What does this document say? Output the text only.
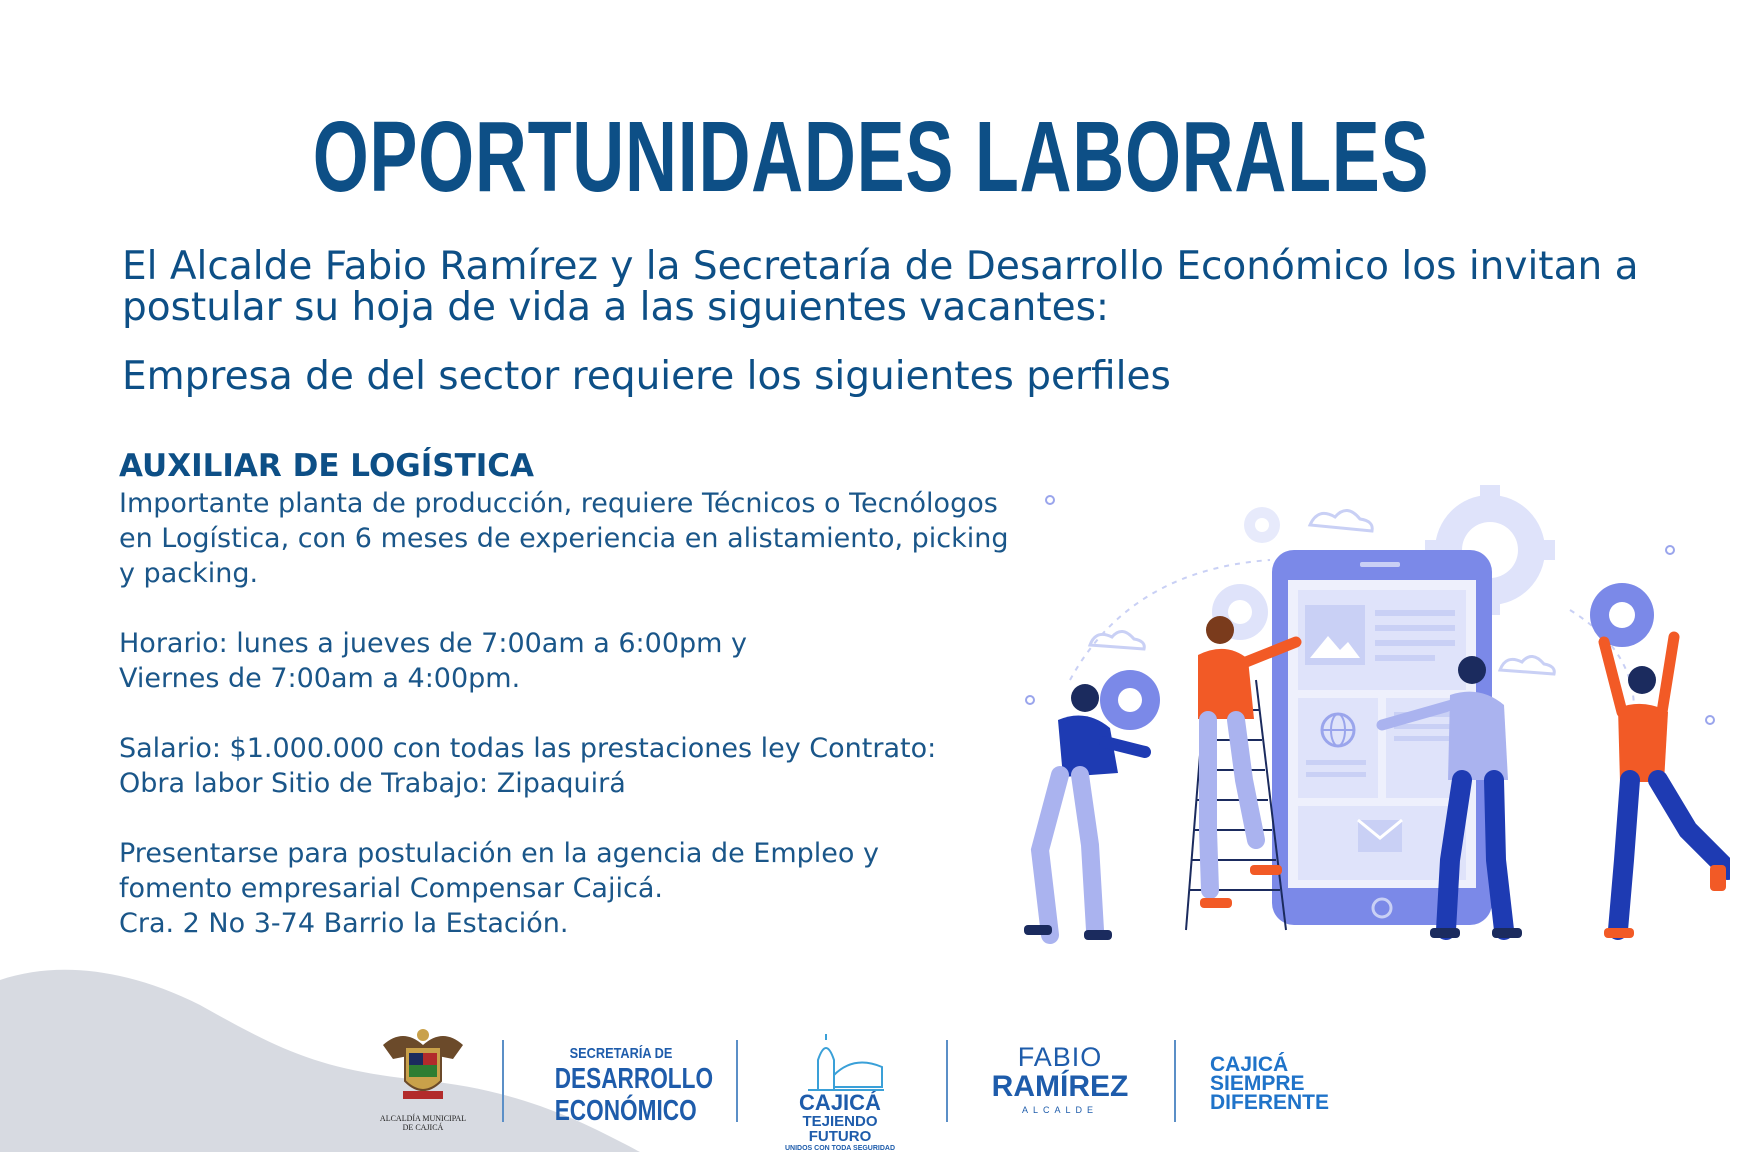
OPORTUNIDADES LABORALES
El Alcalde Fabio Ramírez y la Secretaría de Desarrollo Económico los invitan a
postular su hoja de vida a las siguientes vacantes:
Empresa de del sector requiere los siguientes perfiles
AUXILIAR DE LOGÍSTICA
Importante planta de producción, requiere Técnicos o Tecnólogos
en Logística, con 6 meses de experiencia en alistamiento, picking
y packing.
Horario: lunes a jueves de 7:00am a 6:00pm y
Viernes de 7:00am a 4:00pm.
Salario: $1.000.000 con todas las prestaciones ley Contrato:
Obra labor Sitio de Trabajo: Zipaquirá
Presentarse para postulación en la agencia de Empleo y
fomento empresarial Compensar Cajicá.
Cra. 2 No 3-74 Barrio la Estación.
ALCALDÍA MUNICIPAL
DE CAJICÁ
SECRETARÍA DE
DESARROLLO
ECONÓMICO	CAJICÁ
TEJIENDO FUTURO
UNIDOS CON TODA SEGURIDAD
FABIO
RAMÍREZ
ALCALDE
CAJICÁ
SIEMPRE
DIFERENTE
